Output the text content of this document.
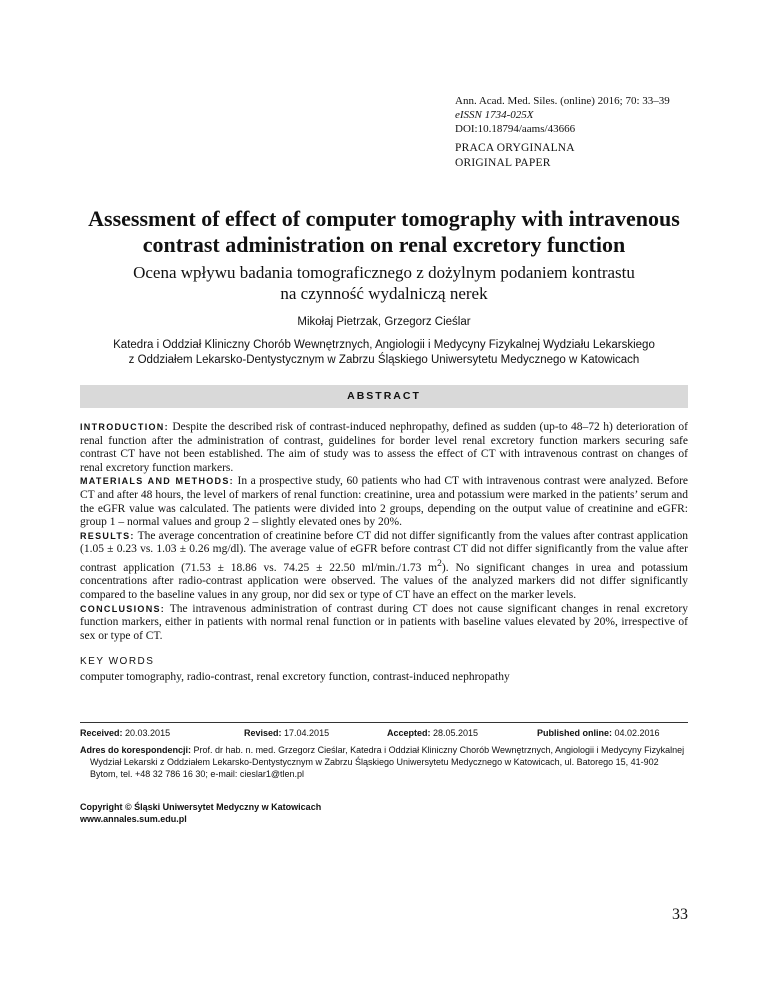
Ann. Acad. Med. Siles. (online) 2016; 70: 33–39
eISSN 1734-025X
DOI:10.18794/aams/43666
PRACA ORYGINALNA
ORIGINAL PAPER
Assessment of effect of computer tomography with intravenous
contrast administration on renal excretory function
Ocena wpływu badania tomograficznego z dożylnym podaniem kontrastu
na czynność wydalniczą nerek
Mikołaj Pietrzak, Grzegorz Cieślar
Katedra i Oddział Kliniczny Chorób Wewnętrznych, Angiologii i Medycyny Fizykalnej Wydziału Lekarskiego
z Oddziałem Lekarsko-Dentystycznym w Zabrzu Śląskiego Uniwersytetu Medycznego w Katowicach
ABSTRACT

INTRODUCTION: Despite the described risk of contrast-induced nephropathy, defined as sudden (up-to 48–72 h) deterioration of renal function after the administration of contrast, guidelines for border level renal excretory function markers securing safe contrast CT have not been established. The aim of study was to assess the effect of CT with intravenous contrast on changes of renal excretory function markers.

MATERIALS AND METHODS: In a prospective study, 60 patients who had CT with intravenous contrast were analyzed. Before CT and after 48 hours, the level of markers of renal function: creatinine, urea and potassium were marked in the patients’ serum and the eGFR value was calculated. The patients were divided into 2 groups, depending on the output value of creatinine and eGFR: group 1 – normal values and group 2 – slightly elevated ones by 20%.

RESULTS: The average concentration of creatinine before CT did not differ significantly from the values after contrast application (1.05 ± 0.23 vs. 1.03 ± 0.26 mg/dl). The average value of eGFR before contrast CT did not differ significantly from the value after contrast application (71.53 ± 18.86 vs. 74.25 ± 22.50 ml/min./1.73 $m^2$). No significant changes in urea and potassium concentrations after radio-contrast application were observed. The values of the analyzed markers did not differ significantly compared to the baseline values in any group, nor did sex or type of CT have an effect on the marker levels.

CONCLUSIONS: The intravenous administration of contrast during CT does not cause significant changes in renal excretory function markers, either in patients with normal renal function or in patients with baseline values elevated by 20%, irrespective of sex or type of CT.

KEY WORDS
computer tomography, radio-contrast, renal excretory function, contrast-induced nephropathy
Received: 20.03.2015	Revised: 17.04.2015	Accepted: 28.05.2015	Published online: 04.02.2016
Adres do korespondencji: Prof. dr hab. n. med. Grzegorz Cieślar, Katedra i Oddział Kliniczny Chorób Wewnętrznych, Angiologii i Medycyny Fizykalnej
Wydział Lekarski z Oddziałem Lekarsko-Dentystycznym w Zabrzu Śląskiego Uniwersytetu Medycznego w Katowicach, ul. Batorego 15, 41-902
Bytom, tel. +48 32 786 16 30; e-mail: cieslar1@tlen.pl
Copyright © Śląski Uniwersytet Medyczny w Katowicach
www.annales.sum.edu.pl
33
